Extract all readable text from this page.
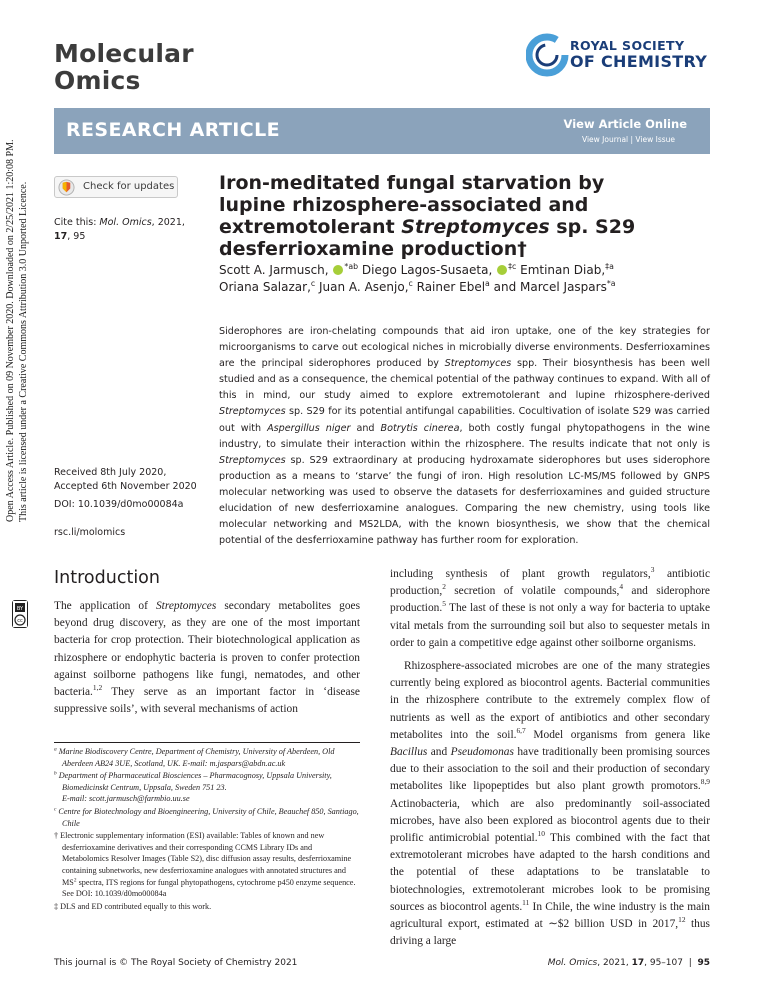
Molecular
Omics
ROYAL SOCIETY
OF CHEMISTRY
RESEARCH ARTICLE	View Article Online
View Journal | View Issue
Open Access Article. Published on 09 November 2020. Downloaded on 2/25/2021 1:20:08 PM. This article is licensed under a Creative Commons Attribution 3.0 Unported Licence.
cc
BY
Check for updates
Cite this: Mol. Omics, 2021,
17, 95
Received 8th July 2020,
Accepted 6th November 2020
DOI: 10.1039/d0mo00084a
rsc.li/molomics
Iron-meditated fungal starvation by lupine rhizosphere-associated and extremotolerant Streptomyces sp. S29 desferrioxamine production†
Scott A. Jarmusch, $^{*ab}$ Diego Lagos-Susaeta, $^{\ddagger c}$ Emtinan Diab,$^{\ddagger a}$
Oriana Salazar,$^c$ Juan A. Asenjo,$^c$ Rainer Ebel$^a$ and Marcel Jaspars$^{*a}$
Siderophores are iron-chelating compounds that aid iron uptake, one of the key strategies for microorganisms to carve out ecological niches in microbially diverse environments. Desferrioxamines are the principal siderophores produced by Streptomyces spp. Their biosynthesis has been well studied and as a consequence, the chemical potential of the pathway continues to expand. With all of this in mind, our study aimed to explore extremotolerant and lupine rhizosphere-derived Streptomyces sp. S29 for its potential antifungal capabilities. Cocultivation of isolate S29 was carried out with Aspergillus niger and Botrytis cinerea, both costly fungal phytopathogens in the wine industry, to simulate their interaction within the rhizosphere. The results indicate that not only is Streptomyces sp. S29 extraordinary at producing hydroxamate siderophores but uses siderophore production as a means to ‘starve’ the fungi of iron. High resolution LC-MS/MS followed by GNPS molecular networking was used to observe the datasets for desferrioxamines and guided structure elucidation of new desferrioxamine analogues. Comparing the new chemistry, using tools like molecular networking and MS2LDA, with the known biosynthesis, we show that the chemical potential of the desferrioxamine pathway has further room for exploration.
Introduction
The application of Streptomyces secondary metabolites goes beyond drug discovery, as they are one of the most important bacteria for crop protection. Their biotechnological application as rhizosphere or endophytic bacteria is proven to confer protection against soilborne pathogens like fungi, nematodes, and other bacteria.$^{1,2}$ They serve as an important factor in ‘disease suppressive soils’, with several mechanisms of action
$^a$ Marine Biodiscovery Centre, Department of Chemistry, University of Aberdeen, Old Aberdeen AB24 3UE, Scotland, UK. E-mail: m.jaspars@abdn.ac.uk
$^b$ Department of Pharmaceutical Biosciences – Pharmacognosy, Uppsala University, Biomedicinskt Centrum, Uppsala, Sweden 751 23.
E-mail: scott.jarmusch@farmbio.uu.se
$^c$ Centre for Biotechnology and Bioengineering, University of Chile, Beauchef 850, Santiago, Chile
† Electronic supplementary information (ESI) available: Tables of known and new desferrioxamine derivatives and their corresponding CCMS Library IDs and Metabolomics Resolver Images (Table S2), disc diffusion assay results, desferrioxamine containing subnetworks, new desferrioxamine analogues with annotated structures and $MS^2$ spectra, ITS regions for fungal phytopathogens, cytochrome p450 enzyme sequence. See DOI: 10.1039/d0mo00084a
‡ DLS and ED contributed equally to this work.
including synthesis of plant growth regulators,$^3$ antibiotic production,$^2$ secretion of volatile compounds,$^4$ and siderophore production.$^5$ The last of these is not only a way for bacteria to uptake vital metals from the surrounding soil but also to sequester metals in order to gain a competitive edge against other soilborne organisms.
Rhizosphere-associated microbes are one of the many strategies currently being explored as biocontrol agents. Bacterial communities in the rhizosphere contribute to the extremely complex flow of nutrients as well as the export of antibiotics and other secondary metabolites into the soil.$^{6,7}$ Model organisms from genera like Bacillus and Pseudomonas have traditionally been promising sources due to their association to the soil and their production of secondary metabolites like lipopeptides but also plant growth promotors.$^{8,9}$ Actinobacteria, which are also predominantly soil-associated microbes, have also been explored as biocontrol agents due to their prolific antimicrobial potential.$^{10}$ This combined with the fact that extremotolerant microbes have adapted to the harsh conditions and the potential of these adaptations to be translatable to biotechnologies, extremotolerant microbes look to be promising sources as biocontrol agents.$^{11}$ In Chile, the wine industry is the main agricultural export, estimated at ∼$2 billion USD in 2017,12 thus driving a large
This journal is © The Royal Society of Chemistry 2021	Mol. Omics, 2021, 17, 95–107  |  95
